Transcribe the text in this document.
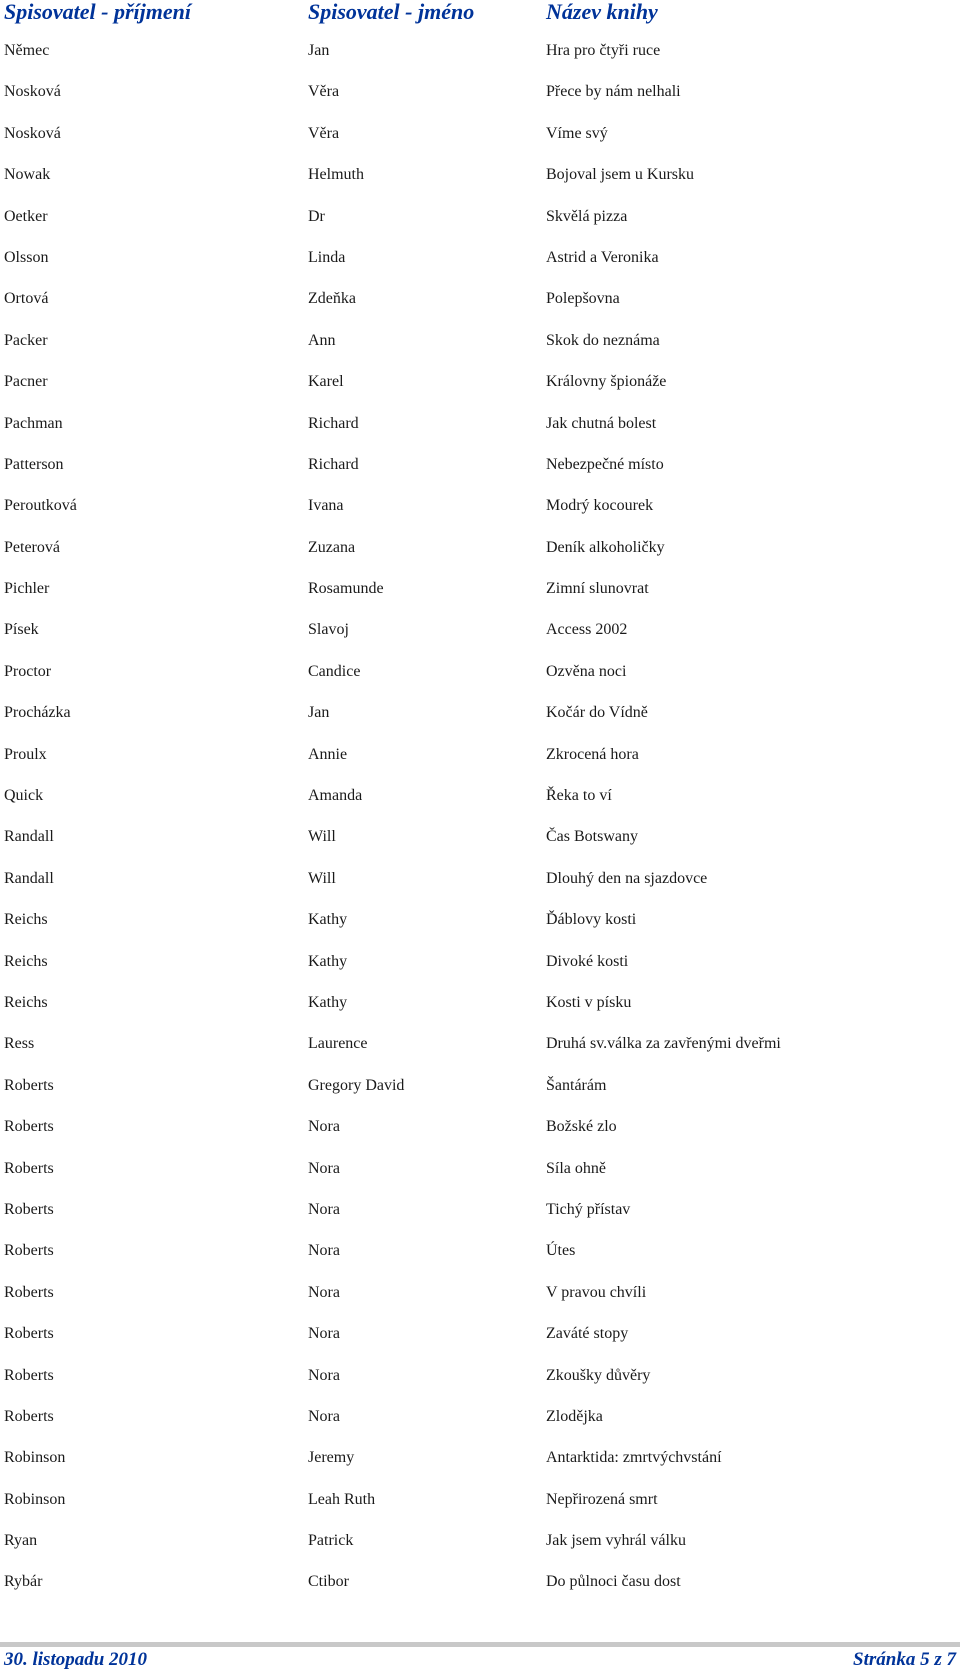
Spisovatel - příjmení	Spisovatel - jméno	Název knihy
Němec	Jan	Hra pro čtyři ruce
Nosková	Věra	Přece by nám nelhali
Nosková	Věra	Víme svý
Nowak	Helmuth	Bojoval jsem u Kursku
Oetker	Dr	Skvělá pizza
Olsson	Linda	Astrid a Veronika
Ortová	Zdeňka	Polepšovna
Packer	Ann	Skok do neznáma
Pacner	Karel	Královny špionáže
Pachman	Richard	Jak chutná bolest
Patterson	Richard	Nebezpečné místo
Peroutková	Ivana	Modrý kocourek
Peterová	Zuzana	Deník alkoholičky
Pichler	Rosamunde	Zimní slunovrat
Písek	Slavoj	Access 2002
Proctor	Candice	Ozvěna noci
Procházka	Jan	Kočár do Vídně
Proulx	Annie	Zkrocená hora
Quick	Amanda	Řeka to ví
Randall	Will	Čas Botswany
Randall	Will	Dlouhý den na sjazdovce
Reichs	Kathy	Ďáblovy kosti
Reichs	Kathy	Divoké kosti
Reichs	Kathy	Kosti v písku
Ress	Laurence	Druhá sv.válka za zavřenými dveřmi
Roberts	Gregory David	Šantárám
Roberts	Nora	Božské zlo
Roberts	Nora	Síla ohně
Roberts	Nora	Tichý přístav
Roberts	Nora	Útes
Roberts	Nora	V pravou chvíli
Roberts	Nora	Zaváté stopy
Roberts	Nora	Zkoušky důvěry
Roberts	Nora	Zlodějka
Robinson	Jeremy	Antarktida: zmrtvýchvstání
Robinson	Leah Ruth	Nepřirozená smrt
Ryan	Patrick	Jak jsem vyhrál válku
Rybár	Ctibor	Do půlnoci času dost
30. listopadu 2010	Stránka 5 z 7
